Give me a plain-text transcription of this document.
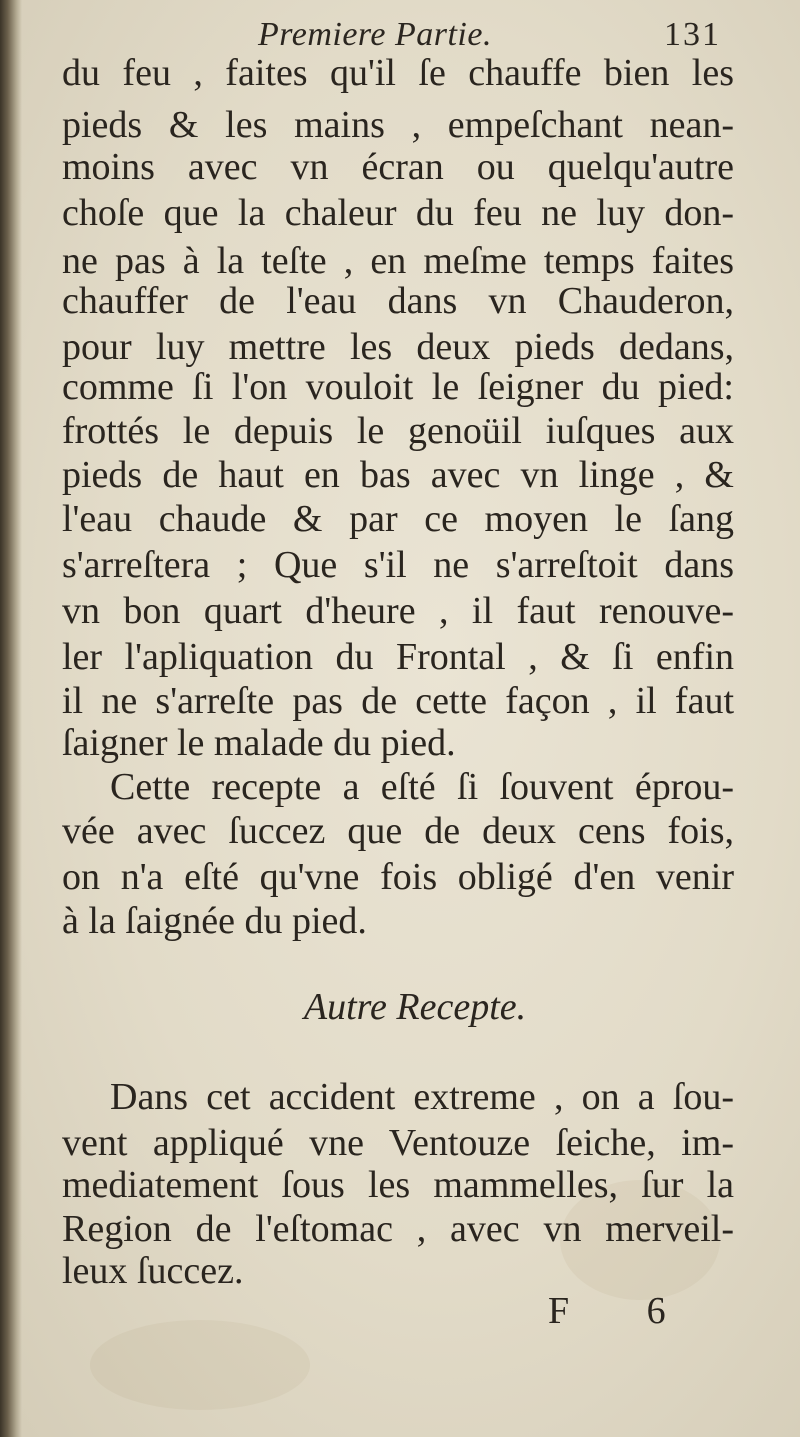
Premiere Partie.	131
du feu , faites qu'il ſe chauffe bien les
pieds & les mains , empeſchant nean-
moins avec vn écran ou quelqu'autre
choſe que la chaleur du feu ne luy don-
ne pas à la teſte , en meſme temps faites
chauffer de l'eau dans vn Chauderon,
pour luy mettre les deux pieds dedans,
comme ſi l'on vouloit le ſeigner du pied:
frottés le depuis le genoüil iuſques aux
pieds de haut en bas avec vn linge , &
l'eau chaude & par ce moyen le ſang
s'arreſtera ; Que s'il ne s'arreſtoit dans
vn bon quart d'heure , il faut renouve-
ler l'apliquation du Frontal , & ſi enfin
il ne s'arreſte pas de cette façon , il faut
ſaigner le malade du pied.
Cette recepte a eſté ſi ſouvent éprou-
vée avec ſuccez que de deux cens fois,
on n'a eſté qu'vne fois obligé d'en venir
à la ſaignée du pied.
Autre Recepte.
Dans cet accident extreme , on a ſou-
vent appliqué vne Ventouze ſeiche, im-
mediatement ſous les mammelles, ſur la
Region de l'eſtomac , avec vn merveil-
leux ſuccez.
F 6
